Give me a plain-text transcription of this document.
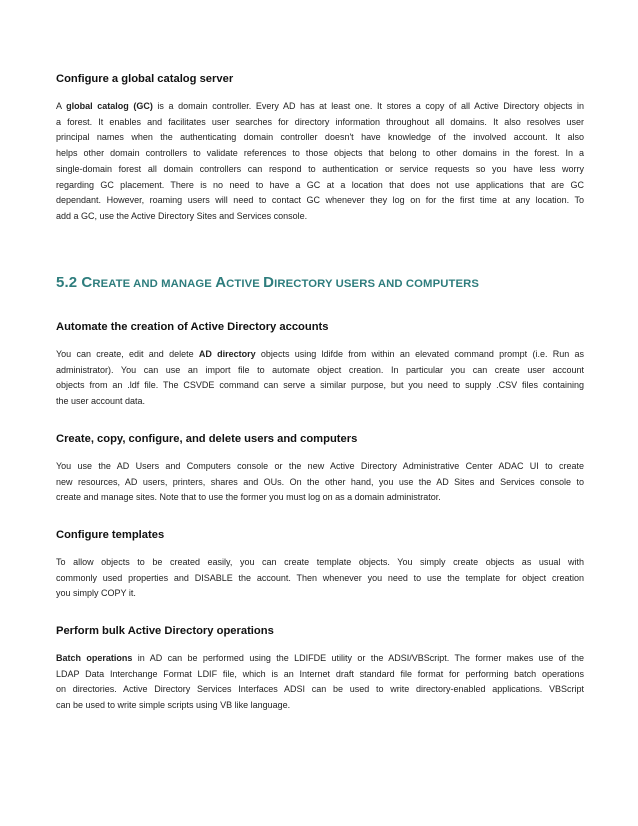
Configure a global catalog server
A global catalog (GC) is a domain controller. Every AD has at least one. It stores a copy of all Active Directory objects in
a forest. It enables and facilitates user searches for directory information throughout all domains. It also resolves user
principal names when the authenticating domain controller doesn't have knowledge of the involved account. It also
helps other domain controllers to validate references to those objects that belong to other domains in the forest. In a
single-domain forest all domain controllers can respond to authentication or service requests so you have less worry
regarding GC placement. There is no need to have a GC at a location that does not use applications that are GC
dependant. However, roaming users will need to contact GC whenever they log on for the first time at any location. To
add a GC, use the Active Directory Sites and Services console.
5.2 CREATE AND MANAGE ACTIVE DIRECTORY USERS AND COMPUTERS
Automate the creation of Active Directory accounts
You can create, edit and delete AD directory objects using ldifde from within an elevated command prompt (i.e. Run as
administrator). You can use an import file to automate object creation. In particular you can create user account
objects from an .ldf file. The CSVDE command can serve a similar purpose, but you need to supply .CSV files containing
the user account data.
Create, copy, configure, and delete users and computers
You use the AD Users and Computers console or the new Active Directory Administrative Center ADAC UI to create
new resources, AD users, printers, shares and OUs. On the other hand, you use the AD Sites and Services console to
create and manage sites. Note that to use the former you must log on as a domain administrator.
Configure templates
To allow objects to be created easily, you can create template objects. You simply create objects as usual with
commonly used properties and DISABLE the account. Then whenever you need to use the template for object creation
you simply COPY it.
Perform bulk Active Directory operations
Batch operations in AD can be performed using the LDIFDE utility or the ADSI/VBScript. The former makes use of the
LDAP Data Interchange Format LDIF file, which is an Internet draft standard file format for performing batch operations
on directories. Active Directory Services Interfaces ADSI can be used to write directory-enabled applications. VBScript
can be used to write simple scripts using VB like language.
